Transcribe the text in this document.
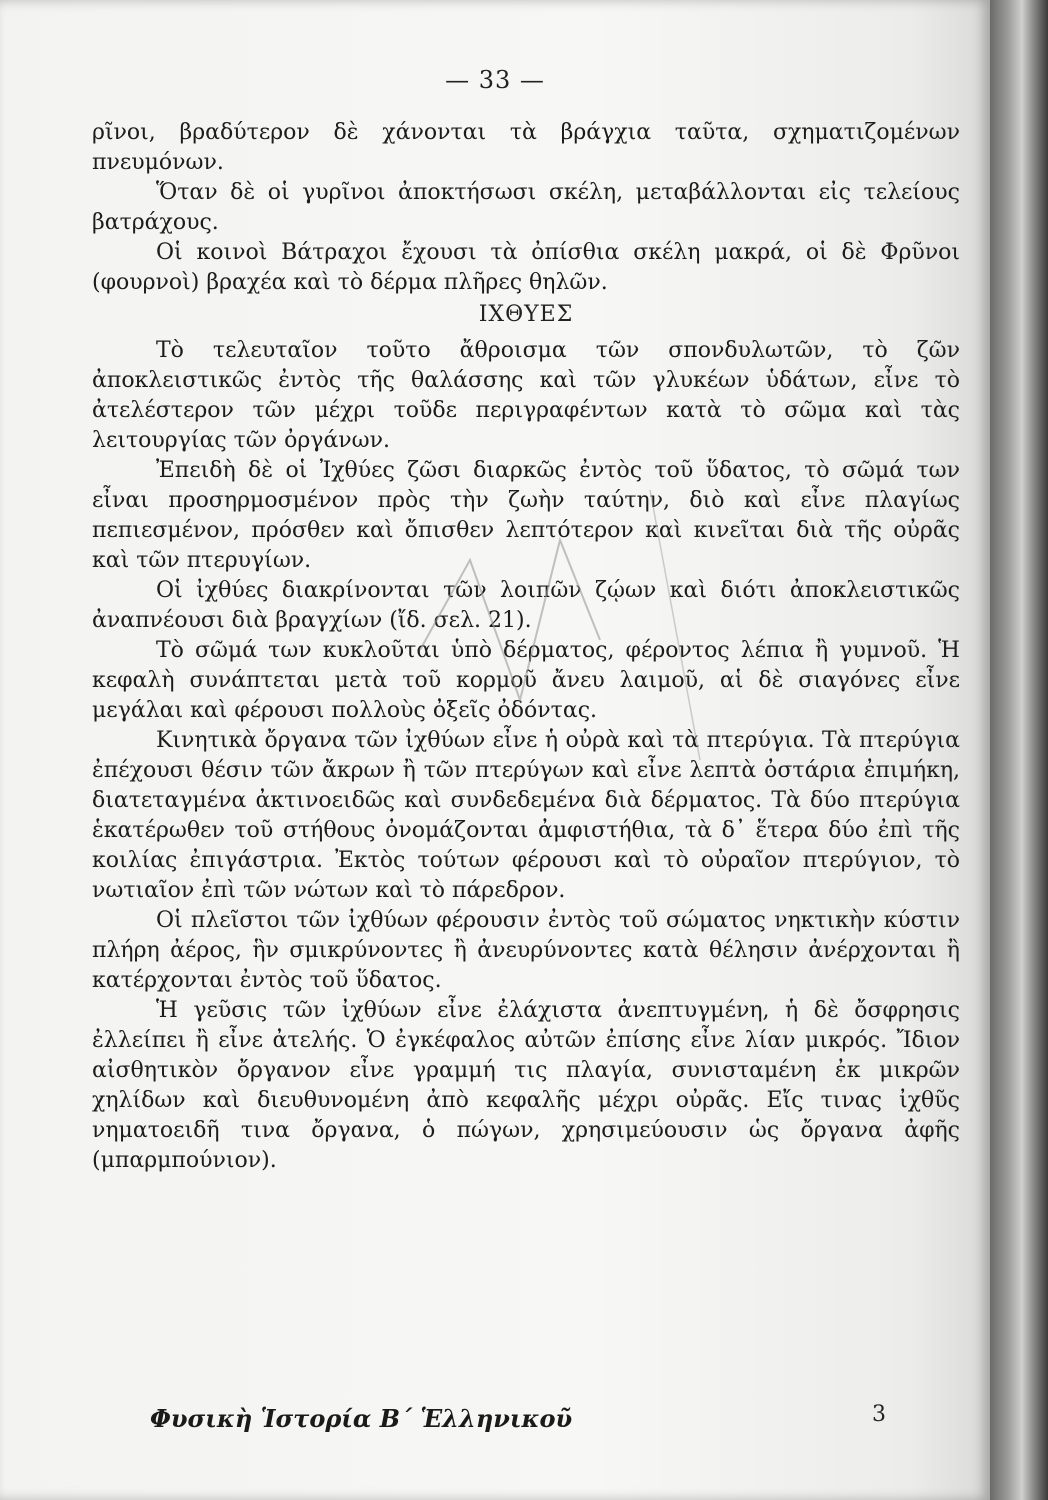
— 33 —

ρῖνοι, βραδύτερον δὲ χάνονται τὰ βράγχια ταῦτα, σχηματιζομένων πνευμόνων.

Ὅταν δὲ οἱ γυρῖνοι ἀποκτήσωσι σκέλη, μεταβάλλονται εἰς τελείους βατράχους.

Οἱ κοινοὶ Βάτραχοι ἔχουσι τὰ ὀπίσθια σκέλη μακρά, οἱ δὲ Φρῦνοι (φουρνοὶ) βραχέα καὶ τὸ δέρμα πλῆρες θηλῶν.

ΙΧΘΥΕΣ

Τὸ τελευταῖον τοῦτο ἄθροισμα τῶν σπονδυλωτῶν, τὸ ζῶν ἀποκλειστικῶς ἐντὸς τῆς θαλάσσης καὶ τῶν γλυκέων ὑδάτων, εἶνε τὸ ἀτελέστερον τῶν μέχρι τοῦδε περιγραφέντων κατὰ τὸ σῶμα καὶ τὰς λειτουργίας τῶν ὀργάνων.

Ἐπειδὴ δὲ οἱ Ἰχθύες ζῶσι διαρκῶς ἐντὸς τοῦ ὕδατος, τὸ σῶμά των εἶναι προσηρμοσμένον πρὸς τὴν ζωὴν ταύτην, διὸ καὶ εἶνε πλαγίως πεπιεσμένον, πρόσθεν καὶ ὄπισθεν λεπτότερον καὶ κινεῖται διὰ τῆς οὐρᾶς καὶ τῶν πτερυγίων.

Οἱ ἰχθύες διακρίνονται τῶν λοιπῶν ζῴων καὶ διότι ἀποκλειστικῶς ἀναπνέουσι διὰ βραγχίων (ἴδ. σελ. 21).

Τὸ σῶμά των κυκλοῦται ὑπὸ δέρματος, φέροντος λέπια ἢ γυμνοῦ. Ἡ κεφαλὴ συνάπτεται μετὰ τοῦ κορμοῦ ἄνευ λαιμοῦ, αἱ δὲ σιαγόνες εἶνε μεγάλαι καὶ φέρουσι πολλοὺς ὀξεῖς ὀδόντας.

Κινητικὰ ὄργανα τῶν ἰχθύων εἶνε ἡ οὐρὰ καὶ τὰ πτερύγια. Τὰ πτερύγια ἐπέχουσι θέσιν τῶν ἄκρων ἢ τῶν πτερύγων καὶ εἶνε λεπτὰ ὀστάρια ἐπιμήκη, διατεταγμένα ἀκτινοειδῶς καὶ συνδεδεμένα διὰ δέρματος. Τὰ δύο πτερύγια ἑκατέρωθεν τοῦ στήθους ὀνομάζονται ἀμφιστήθια, τὰ δ᾽ ἕτερα δύο ἐπὶ τῆς κοιλίας ἐπιγάστρια. Ἐκτὸς τούτων φέρουσι καὶ τὸ οὐραῖον πτερύγιον, τὸ νωτιαῖον ἐπὶ τῶν νώτων καὶ τὸ πάρεδρον.

Οἱ πλεῖστοι τῶν ἰχθύων φέρουσιν ἐντὸς τοῦ σώματος νηκτικὴν κύστιν πλήρη ἀέρος, ἣν σμικρύνοντες ἢ ἀνευρύνοντες κατὰ θέλησιν ἀνέρχονται ἢ κατέρχονται ἐντὸς τοῦ ὕδατος.

Ἡ γεῦσις τῶν ἰχθύων εἶνε ἐλάχιστα ἀνεπτυγμένη, ἡ δὲ ὄσφρησις ἐλλείπει ἢ εἶνε ἀτελής. Ὁ ἐγκέφαλος αὐτῶν ἐπίσης εἶνε λίαν μικρός. Ἴδιον αἰσθητικὸν ὄργανον εἶνε γραμμή τις πλαγία, συνισταμένη ἐκ μικρῶν χηλίδων καὶ διευθυνομένη ἀπὸ κεφαλῆς μέχρι οὐρᾶς. Εἴς τινας ἰχθῦς νηματοειδῆ τινα ὄργανα, ὁ πώγων, χρησιμεύουσιν ὡς ὄργανα ἀφῆς (μπαρμπούνιον).

Φυσικὴ Ἱστορία Β΄ Ἑλληνικοῦ	3
